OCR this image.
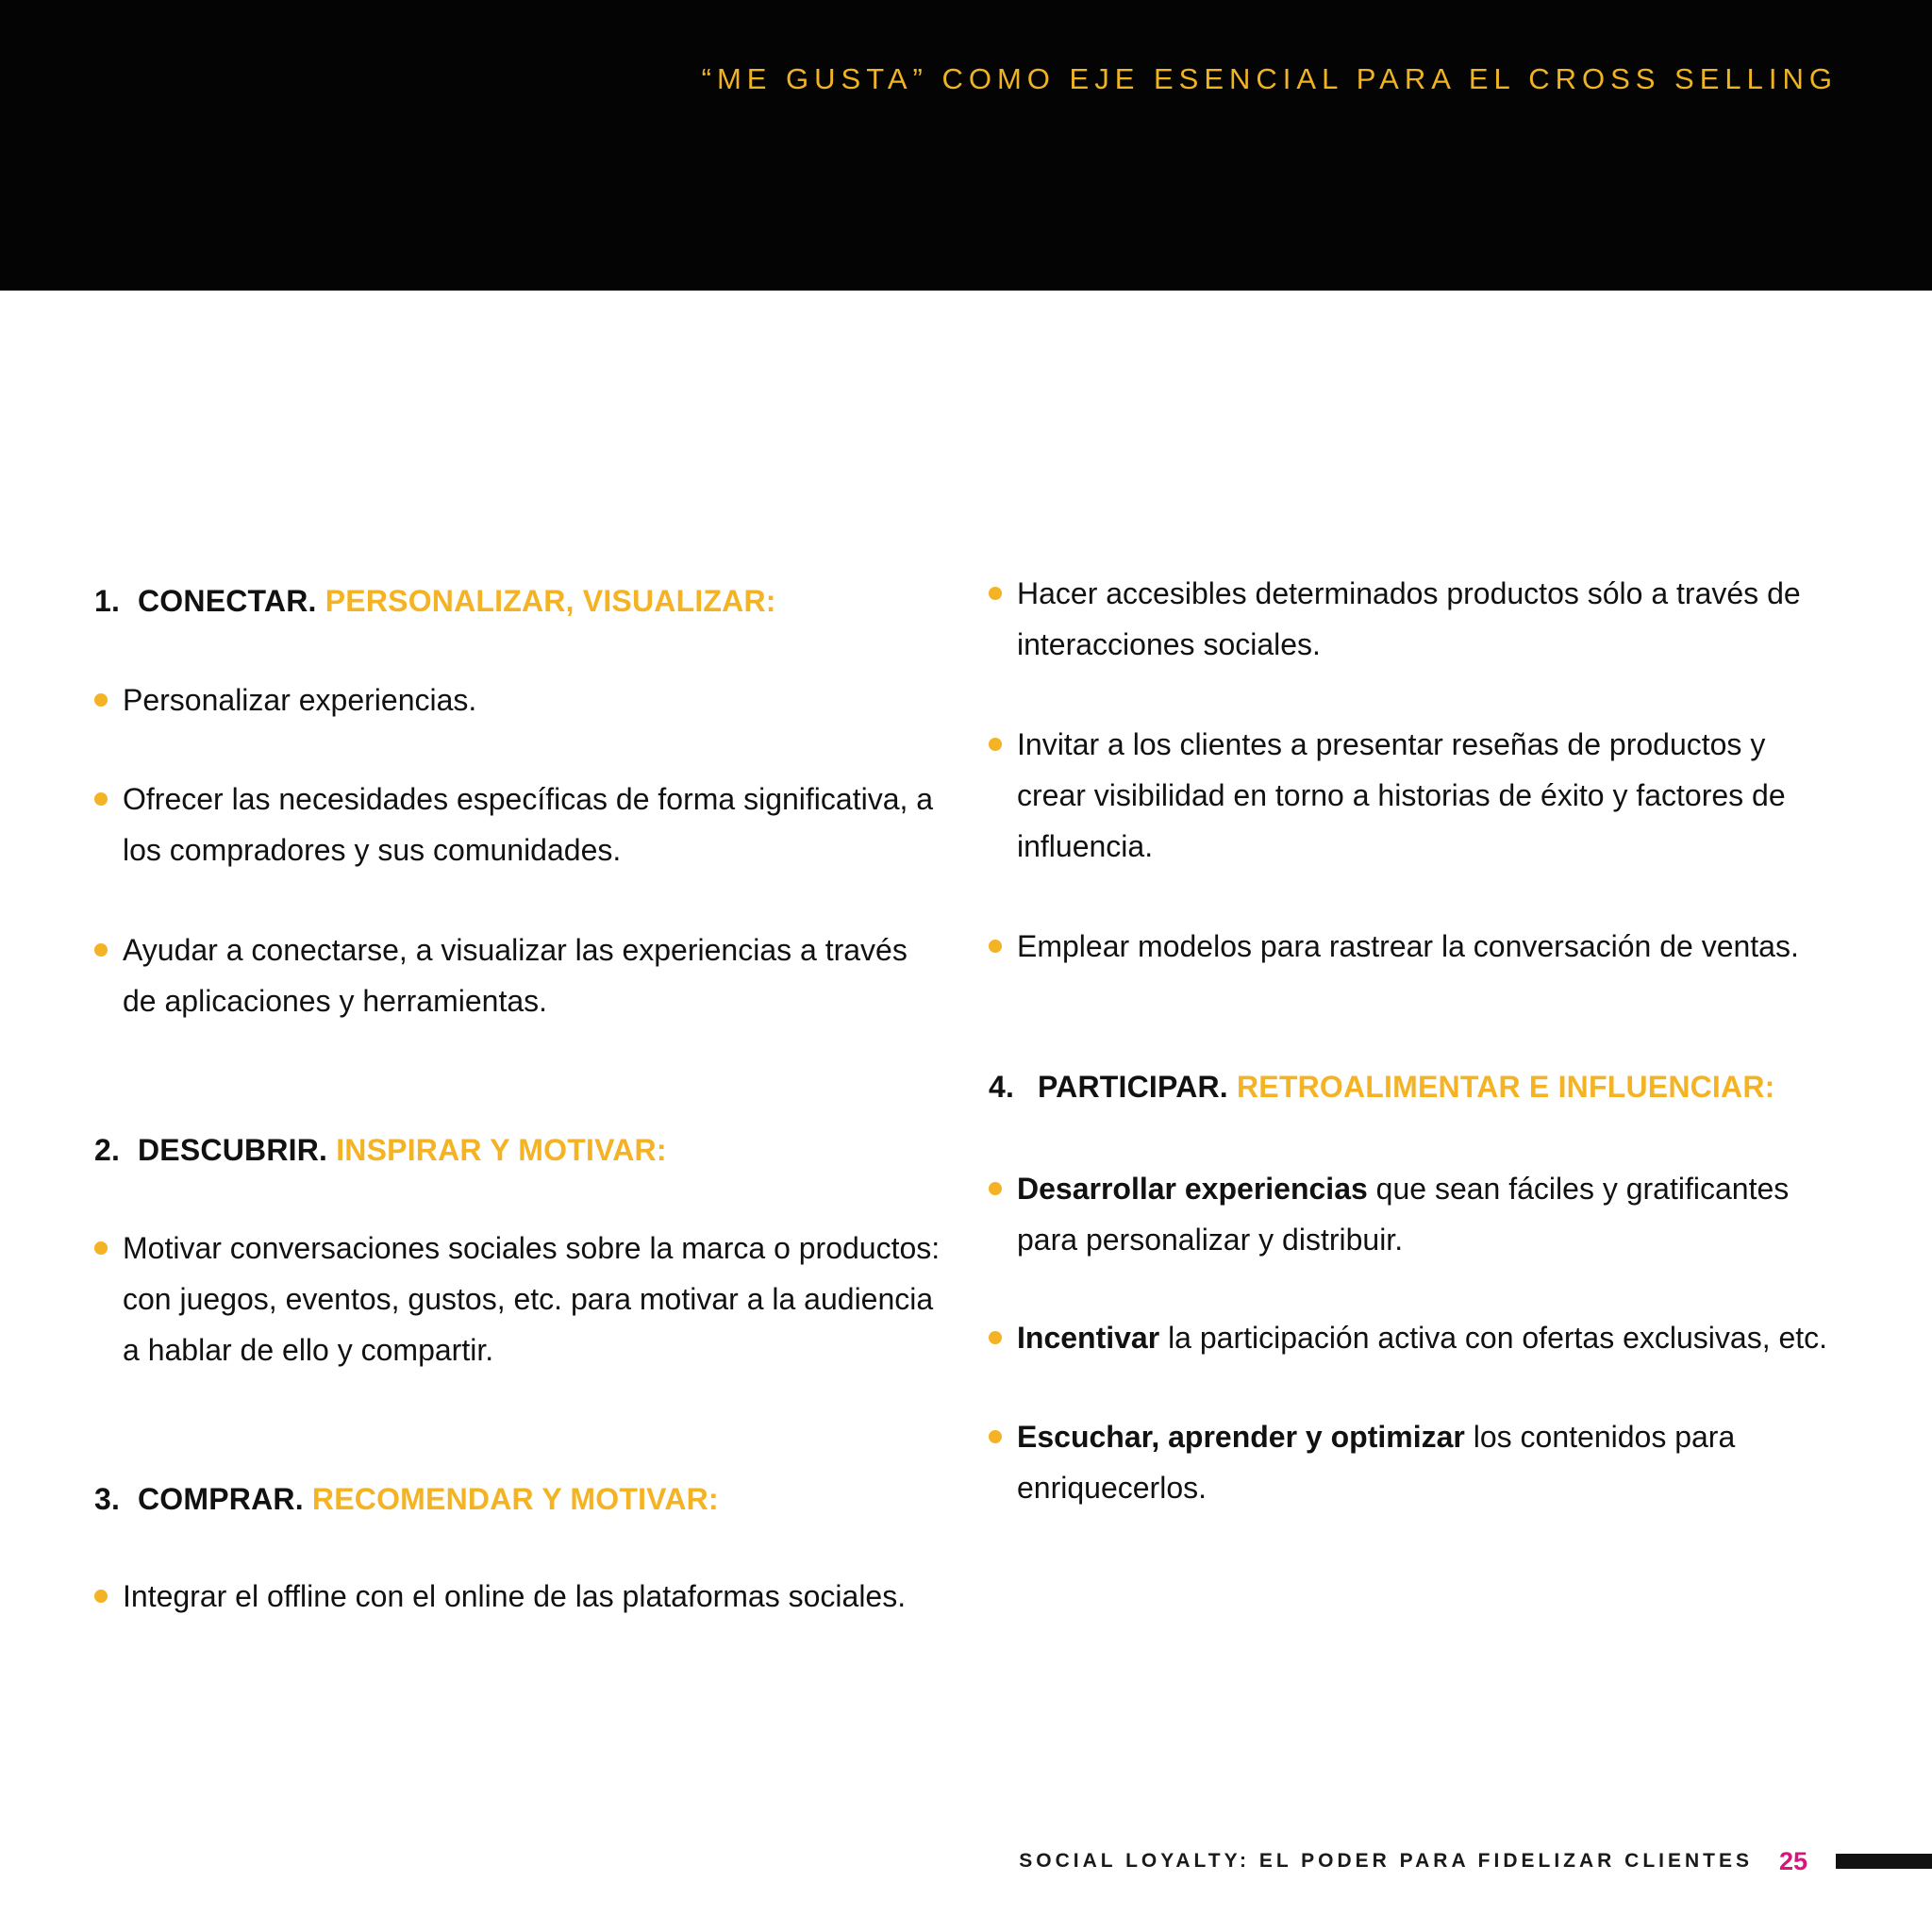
“ME GUSTA” COMO EJE ESENCIAL PARA EL CROSS SELLING
1. CONECTAR. PERSONALIZAR, VISUALIZAR:
Personalizar experiencias.
Ofrecer las necesidades específicas de forma significativa, a los compradores y sus comunidades.
Ayudar a conectarse, a visualizar las experiencias a través de aplicaciones y herramientas.
2. DESCUBRIR. INSPIRAR Y MOTIVAR:
Motivar conversaciones sociales sobre la marca o productos: con juegos, eventos, gustos, etc. para motivar a la audiencia a hablar de ello y compartir.
3. COMPRAR. RECOMENDAR Y MOTIVAR:
Integrar el offline con el online de las plataformas sociales.
Hacer accesibles determinados productos sólo a través de interacciones sociales.
Invitar a los clientes a presentar reseñas de productos y crear visibilidad en torno a historias de éxito y factores de influencia.
Emplear modelos para rastrear la conversación de ventas.
4. PARTICIPAR. RETROALIMENTAR E INFLUENCIAR:
Desarrollar experiencias que sean fáciles y gratificantes para personalizar y distribuir.
Incentivar la participación activa con ofertas exclusivas, etc.
Escuchar, aprender y optimizar los contenidos para enriquecerlos.
SOCIAL LOYALTY: EL PODER PARA FIDELIZAR CLIENTES 25
